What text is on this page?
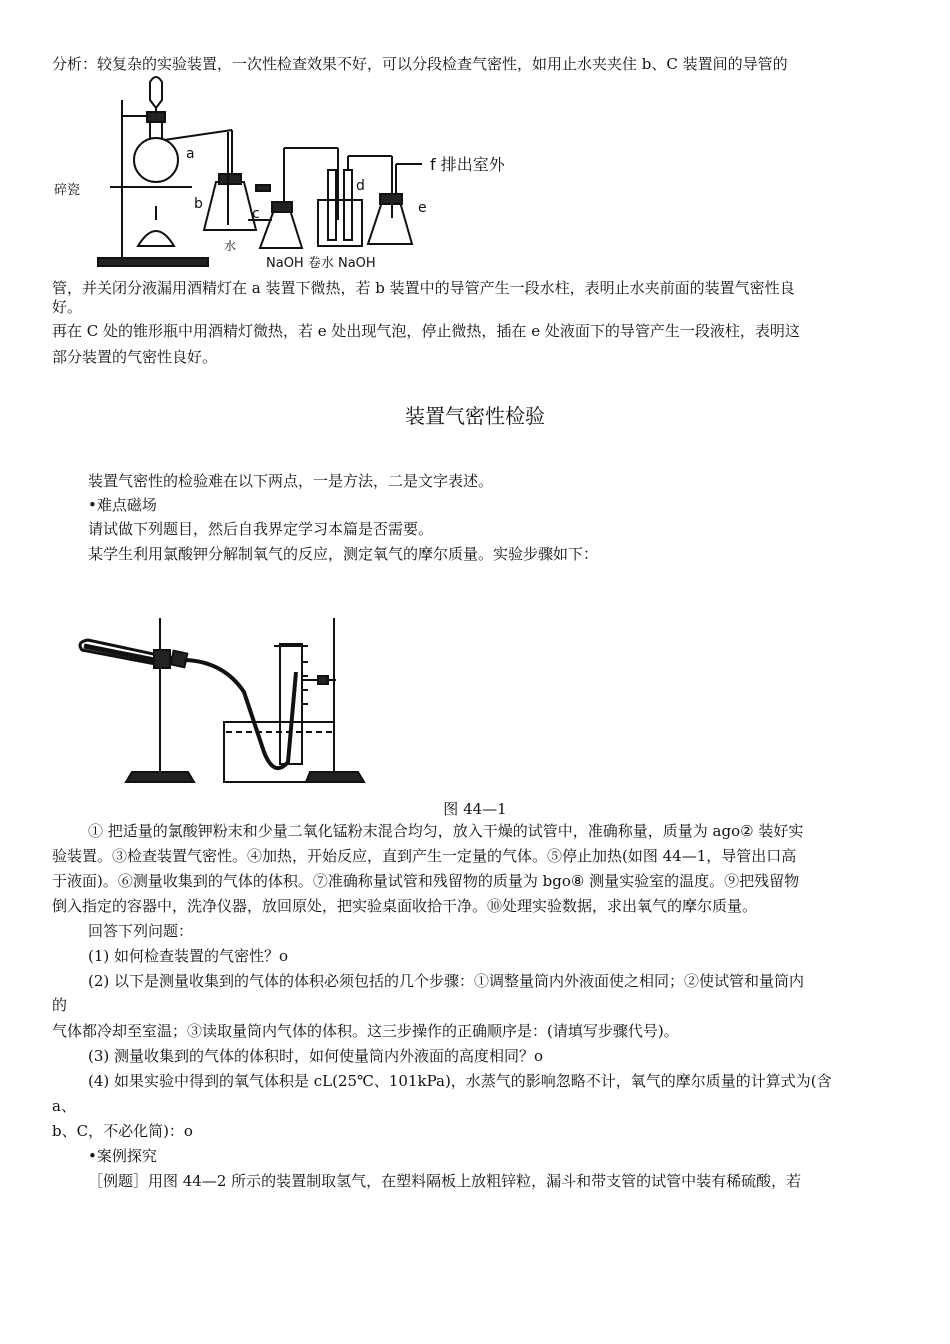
分析：较复杂的实验装置，一次性检查效果不好，可以分段检查气密性，如用止水夹夹住 b、C 装置间的导管的
a
b
c
d
e
f 排出室外
碎瓷
水
NaOH 卷水 NaOH
管，并关闭分液漏用酒精灯在 a 装置下微热，若 b 装置中的导管产生一段水柱，表明止水夹前面的装置气密性良
好。
再在 C 处的锥形瓶中用酒精灯微热，若 e 处出现气泡，停止微热，插在 e 处液面下的导管产生一段液柱，表明这
部分装置的气密性良好。
装置气密性检验
装置气密性的检验难在以下两点，一是方法，二是文字表述。
•难点磁场
请试做下列题目，然后自我界定学习本篇是否需要。
某学生利用氯酸钾分解制氧气的反应，测定氧气的摩尔质量。实验步骤如下：
图 44—1
① 把适量的氯酸钾粉末和少量二氧化锰粉末混合均匀，放入干燥的试管中，准确称量，质量为 ago② 装好实
验装置。③检查装置气密性。④加热，开始反应，直到产生一定量的气体。⑤停止加热(如图 44—1，导管出口高
于液面)。⑥测量收集到的气体的体积。⑦准确称量试管和残留物的质量为 bgo⑧ 测量实验室的温度。⑨把残留物
倒入指定的容器中，洗净仪器，放回原处，把实验桌面收拾干净。⑩处理实验数据，求出氧气的摩尔质量。
回答下列问题：
(1) 如何检查装置的气密性？o
(2) 以下是测量收集到的气体的体积必须包括的几个步骤：①调整量筒内外液面使之相同；②使试管和量筒内
的
气体都冷却至室温；③读取量筒内气体的体积。这三步操作的正确顺序是：(请填写步骤代号)。
(3) 测量收集到的气体的体积时，如何使量筒内外液面的高度相同？o
(4) 如果实验中得到的氧气体积是 cL(25℃、101kPa)，水蒸气的影响忽略不计，氧气的摩尔质量的计算式为(含
a、
b、C，不必化简)：o
•案例探究
［例题］用图 44—2 所示的装置制取氢气，在塑料隔板上放粗锌粒，漏斗和带支管的试管中装有稀硫酸，若
